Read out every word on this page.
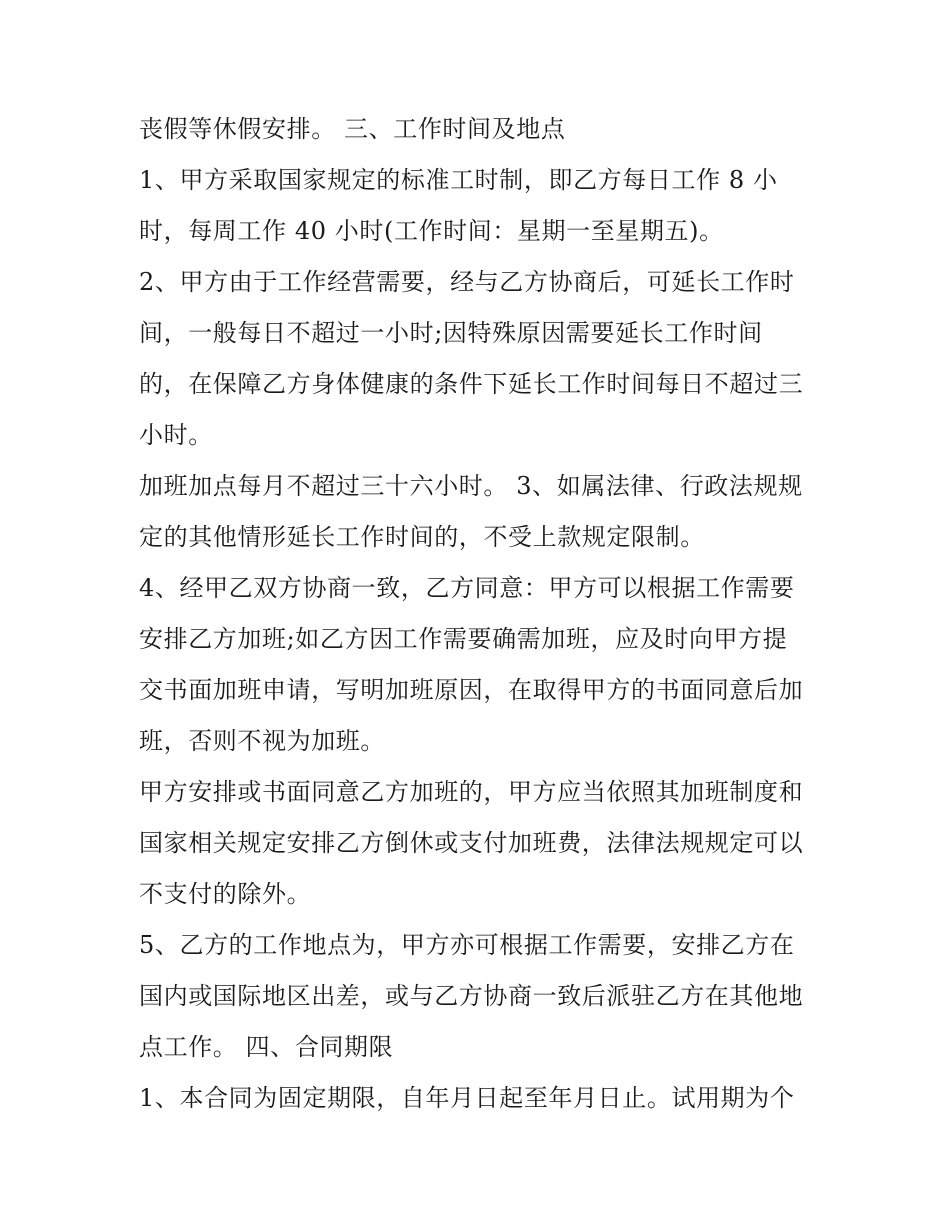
丧假等休假安排。 三、工作时间及地点
1、甲方采取国家规定的标准工时制，即乙方每日工作 8 小
时，每周工作 40 小时(工作时间：星期一至星期五)。
2、甲方由于工作经营需要，经与乙方协商后，可延长工作时
间，一般每日不超过一小时;因特殊原因需要延长工作时间
的，在保障乙方身体健康的条件下延长工作时间每日不超过三
小时。
加班加点每月不超过三十六小时。 3、如属法律、行政法规规
定的其他情形延长工作时间的，不受上款规定限制。
4、经甲乙双方协商一致，乙方同意：甲方可以根据工作需要
安排乙方加班;如乙方因工作需要确需加班，应及时向甲方提
交书面加班申请，写明加班原因，在取得甲方的书面同意后加
班，否则不视为加班。
甲方安排或书面同意乙方加班的，甲方应当依照其加班制度和
国家相关规定安排乙方倒休或支付加班费，法律法规规定可以
不支付的除外。
5、乙方的工作地点为，甲方亦可根据工作需要，安排乙方在
国内或国际地区出差，或与乙方协商一致后派驻乙方在其他地
点工作。 四、合同期限
1、本合同为固定期限，自年月日起至年月日止。试用期为个
